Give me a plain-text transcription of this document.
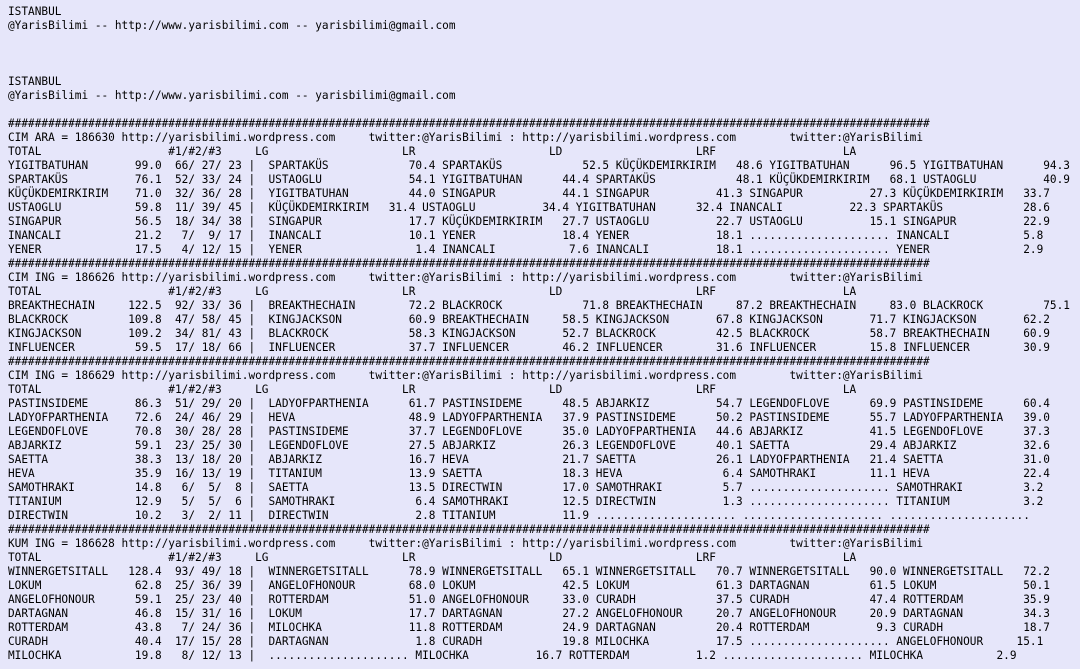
ISTANBUL
@YarisBilimi -- http://www.yarisbilimi.com -- yarisbilimi@gmail.com

ISTANBUL
@YarisBilimi -- http://www.yarisbilimi.com -- yarisbilimi@gmail.com

##########################################################################################################################################
CIM ARA = 186630 http://yarisbilimi.wordpress.com     twitter:@YarisBilimi : http://yarisbilimi.wordpress.com        twitter:@YarisBilimi
TOTAL                   #1/#2/#3     LG                    LR                    LD                    LRF                   LA
YIGITBATUHAN       99.0  66/ 27/ 23 |  SPARTAKÜS            70.4 SPARTAKÜS            52.5 KÜÇÜKDEMIRKIRIM   48.6 YIGITBATUHAN      96.5 YIGITBATUHAN      94.3
SPARTAKÜS          76.1  52/ 33/ 24 |  USTAOGLU             54.1 YIGITBATUHAN      44.4 SPARTAKÜS            48.1 KÜÇÜKDEMIRKIRIM   68.1 USTAOGLU          40.9
KÜÇÜKDEMIRKIRIM    71.0  32/ 36/ 28 |  YIGITBATUHAN         44.0 SINGAPUR          44.1 SINGAPUR          41.3 SINGAPUR          27.3 KÜÇÜKDEMIRKIRIM   33.7
USTAOGLU           59.8  11/ 39/ 45 |  KÜÇÜKDEMIRKIRIM   31.4 USTAOGLU          34.4 YIGITBATUHAN      32.4 INANCALI          22.3 SPARTAKÜS            28.6
SINGAPUR           56.5  18/ 34/ 38 |  SINGAPUR             17.7 KÜÇÜKDEMIRKIRIM   27.7 USTAOGLU          22.7 USTAOGLU          15.1 SINGAPUR          22.9
INANCALI           21.2   7/  9/ 17 |  INANCALI             10.1 YENER             18.4 YENER             18.1 ..................... INANCALI           5.8
YENER              17.5   4/ 12/ 15 |  YENER                 1.4 INANCALI           7.6 INANCALI          18.1 ..................... YENER              2.9
##########################################################################################################################################
CIM ING = 186626 http://yarisbilimi.wordpress.com     twitter:@YarisBilimi : http://yarisbilimi.wordpress.com        twitter:@YarisBilimi
TOTAL                   #1/#2/#3     LG                    LR                    LD                    LRF                   LA
BREAKTHECHAIN     122.5  92/ 33/ 36 |  BREAKTHECHAIN        72.2 BLACKROCK            71.8 BREAKTHECHAIN     87.2 BREAKTHECHAIN     83.0 BLACKROCK         75.1
BLACKROCK         109.8  47/ 58/ 45 |  KINGJACKSON          60.9 BREAKTHECHAIN     58.5 KINGJACKSON       67.8 KINGJACKSON       71.7 KINGJACKSON       62.2
KINGJACKSON       109.2  34/ 81/ 43 |  BLACKROCK            58.3 KINGJACKSON       52.7 BLACKROCK         42.5 BLACKROCK         58.7 BREAKTHECHAIN     60.9
INFLUENCER         59.5  17/ 18/ 66 |  INFLUENCER           37.7 INFLUENCER        46.2 INFLUENCER        31.6 INFLUENCER        15.8 INFLUENCER        30.9
##########################################################################################################################################
CIM ING = 186629 http://yarisbilimi.wordpress.com     twitter:@YarisBilimi : http://yarisbilimi.wordpress.com        twitter:@YarisBilimi
TOTAL                   #1/#2/#3     LG                    LR                    LD                    LRF                   LA
PASTINSIDEME       86.3  51/ 29/ 20 |  LADYOFPARTHENIA      61.7 PASTINSIDEME      48.5 ABJARKIZ          54.7 LEGENDOFLOVE      69.9 PASTINSIDEME      60.4
LADYOFPARTHENIA    72.6  24/ 46/ 29 |  HEVA                 48.9 LADYOFPARTHENIA   37.9 PASTINSIDEME      50.2 PASTINSIDEME      55.7 LADYOFPARTHENIA   39.0
LEGENDOFLOVE       70.8  30/ 28/ 28 |  PASTINSIDEME         37.7 LEGENDOFLOVE      35.0 LADYOFPARTHENIA   44.6 ABJARKIZ          41.5 LEGENDOFLOVE      37.3
ABJARKIZ           59.1  23/ 25/ 30 |  LEGENDOFLOVE         27.5 ABJARKIZ          26.3 LEGENDOFLOVE      40.1 SAETTA            29.4 ABJARKIZ          32.6
SAETTA             38.3  13/ 18/ 20 |  ABJARKIZ             16.7 HEVA              21.7 SAETTA            26.1 LADYOFPARTHENIA   21.4 SAETTA            31.0
HEVA               35.9  16/ 13/ 19 |  TITANIUM             13.9 SAETTA            18.3 HEVA               6.4 SAMOTHRAKI        11.1 HEVA              22.4
SAMOTHRAKI         14.8   6/  5/  8 |  SAETTA               13.5 DIRECTWIN         17.0 SAMOTHRAKI         5.7 ..................... SAMOTHRAKI         3.2
TITANIUM           12.9   5/  5/  6 |  SAMOTHRAKI            6.4 SAMOTHRAKI        12.5 DIRECTWIN          1.3 ..................... TITANIUM           3.2
DIRECTWIN          10.2   3/  2/ 11 |  DIRECTWIN             2.8 TITANIUM          11.9 ..................... ..................... .....................
##########################################################################################################################################
KUM ING = 186628 http://yarisbilimi.wordpress.com     twitter:@YarisBilimi : http://yarisbilimi.wordpress.com        twitter:@YarisBilimi
TOTAL                   #1/#2/#3     LG                    LR                    LD                    LRF                   LA
WINNERGETSITALL   128.4  93/ 49/ 18 |  WINNERGETSITALL      78.9 WINNERGETSITALL   65.1 WINNERGETSITALL   70.7 WINNERGETSITALL   90.0 WINNERGETSITALL   72.2
LOKUM              62.8  25/ 36/ 39 |  ANGELOFHONOUR        68.0 LOKUM             42.5 LOKUM             61.3 DARTAGNAN         61.5 LOKUM             50.1
ANGELOFHONOUR      59.1  25/ 23/ 40 |  ROTTERDAM            51.0 ANGELOFHONOUR     33.0 CURADH            37.5 CURADH            47.4 ROTTERDAM         35.9
DARTAGNAN          46.8  15/ 31/ 16 |  LOKUM                17.7 DARTAGNAN         27.2 ANGELOFHONOUR     20.7 ANGELOFHONOUR     20.9 DARTAGNAN         34.3
ROTTERDAM          43.8   7/ 24/ 36 |  MILOCHKA             11.8 ROTTERDAM         24.9 DARTAGNAN         20.4 ROTTERDAM          9.3 CURADH            18.7
CURADH             40.4  17/ 15/ 28 |  DARTAGNAN             1.8 CURADH            19.8 MILOCHKA          17.5 ..................... ANGELOFHONOUR     15.1
MILOCHKA           19.8   8/ 12/ 13 |  ..................... MILOCHKA          16.7 ROTTERDAM          1.2 ..................... MILOCHKA           2.9
